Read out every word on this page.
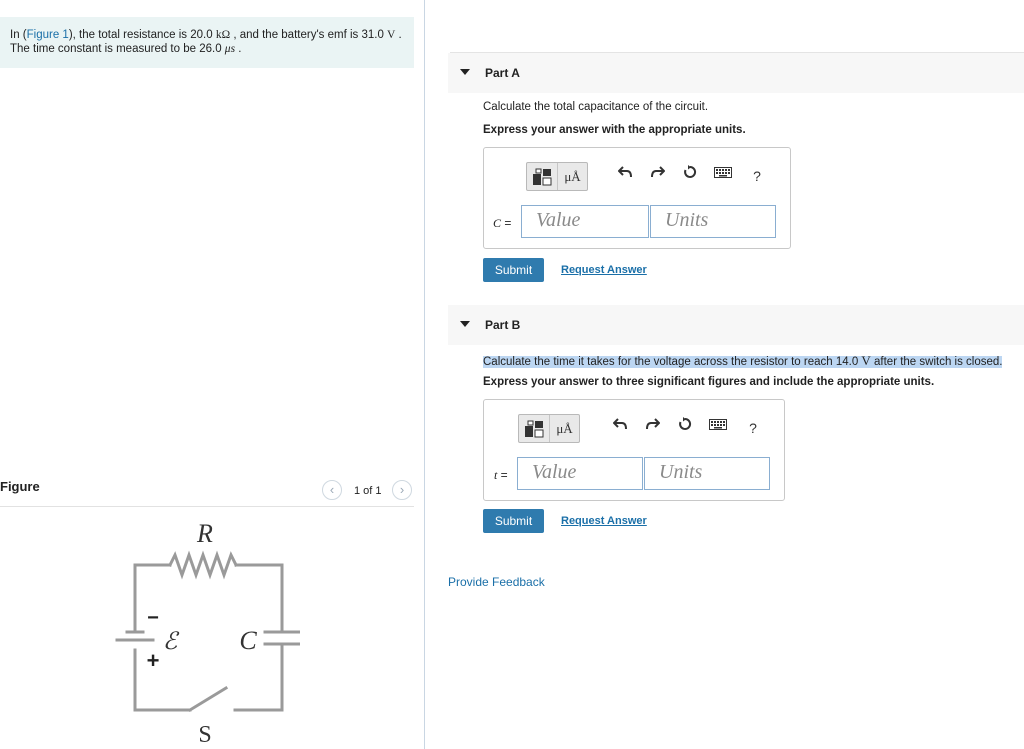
In (Figure 1), the total resistance is 20.0 kΩ , and the battery's emf is 31.0 V .
The time constant is measured to be 26.0 μs .
Figure	‹	1 of 1	›
R
C
ℰ
S
−
+
Part A
Calculate the total capacitance of the circuit.
Express your answer with the appropriate units.
μÅ	?
C =	Value	Units
Submit	Request Answer
Part B
Calculate the time it takes for the voltage across the resistor to reach 14.0 V after the switch is closed.
Express your answer to three significant figures and include the appropriate units.
μÅ	?
t =	Value	Units
Submit	Request Answer
Provide Feedback
